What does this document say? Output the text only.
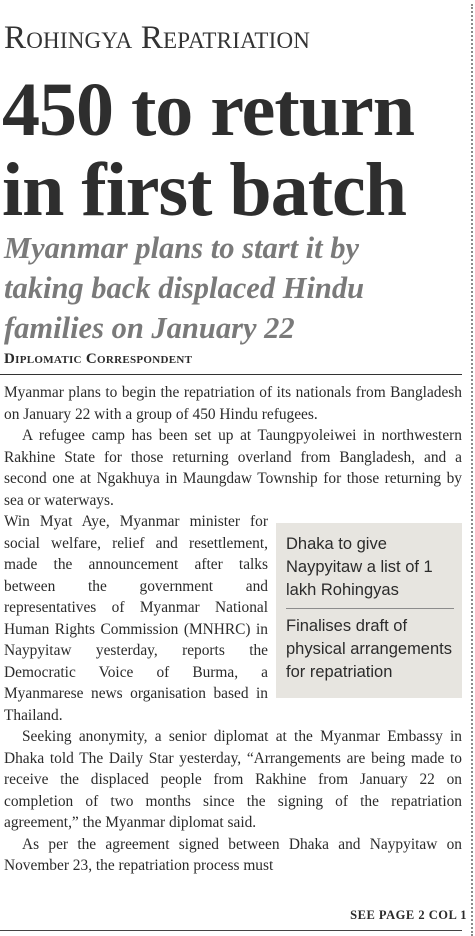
Rohingya Repatriation
450 to return
in first batch
Myanmar plans to start it by
taking back displaced Hindu
families on January 22
Diplomatic Correspondent

Myanmar plans to begin the repatriation of its nationals from Bangladesh on January 22 with a group of 450 Hindu refugees.

A refugee camp has been set up at Taungpyoleiwei in northwestern Rakhine State for those returning overland from Bangladesh, and a second one at Ngakhuya in Maungdaw Township for those returning by sea or waterways.

Dhaka to give Naypyitaw a list of 1 lakh Rohingyas
Finalises draft of physical arrangements for repatriation
Win Myat Aye, Myanmar minister for social welfare, relief and resettlement, made the announcement after talks between the government and representatives of Myanmar National Human Rights Commission (MNHRC) in Naypyitaw yesterday, reports the Democratic Voice of Burma, a Myanmarese news organisation based in Thailand.

Seeking anonymity, a senior diplomat at the Myanmar Embassy in Dhaka told The Daily Star yesterday, “Arrangements are being made to receive the displaced people from Rakhine from January 22 on completion of two months since the signing of the repatriation agreement,” the Myanmar diplomat said.

As per the agreement signed between Dhaka and Naypyitaw on November 23, the repatriation process must

SEE PAGE 2 COL 1
